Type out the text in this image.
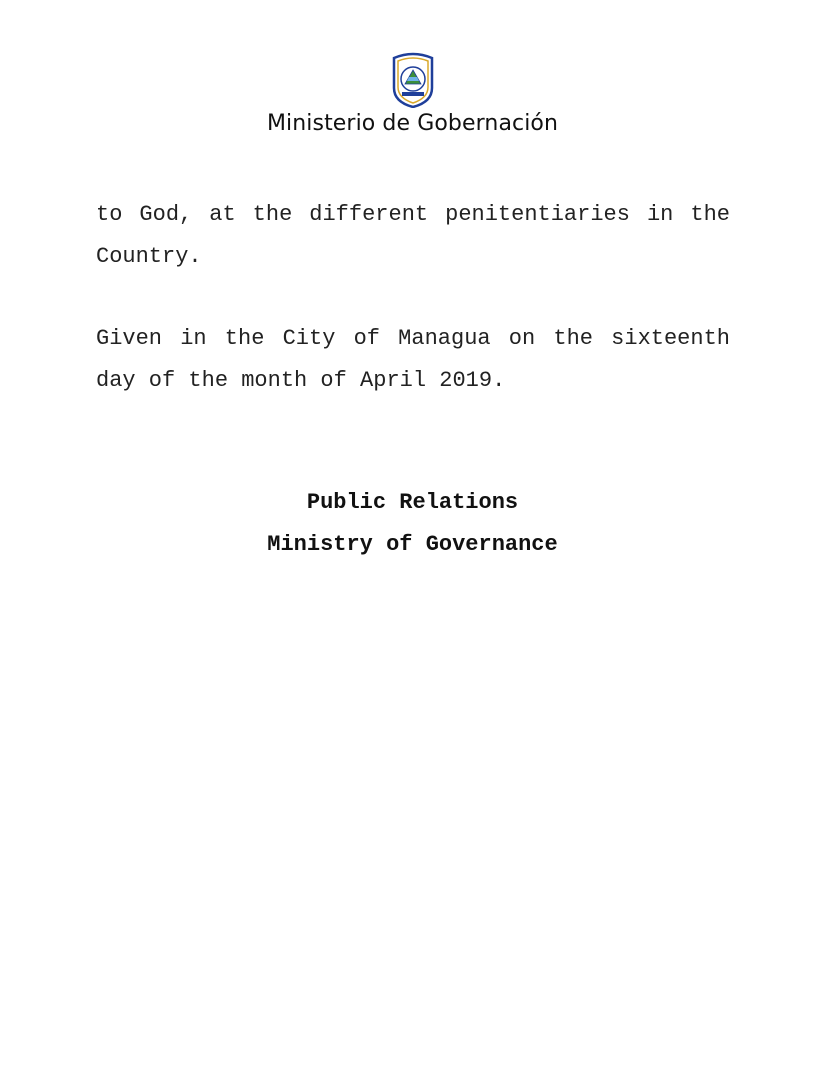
Ministerio de Gobernación

to God, at the different penitentiaries in the Country.

Given in the City of Managua on the sixteenth day of the month of April 2019.

Public Relations

Ministry of Governance
